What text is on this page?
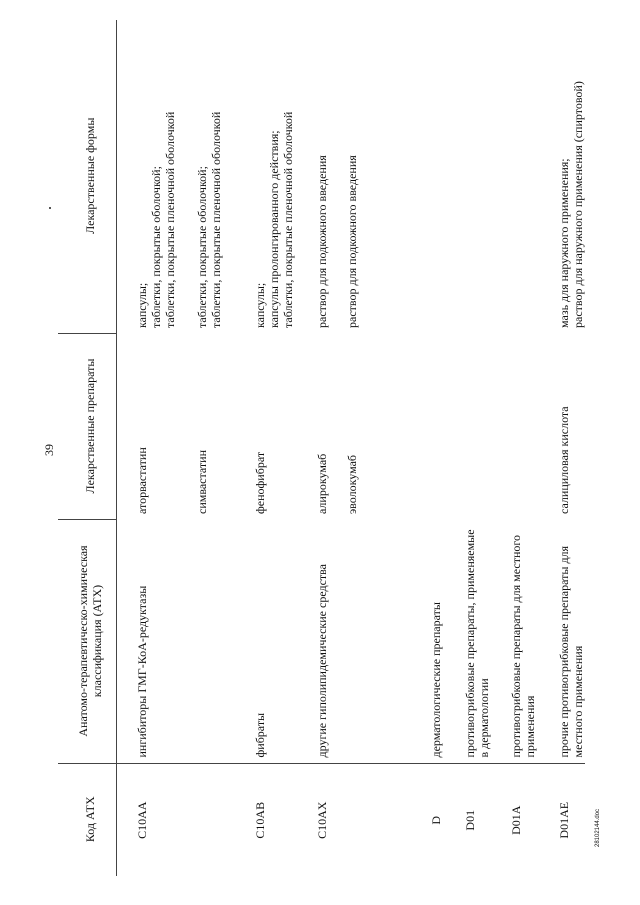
39
Код АТХ	Анатомо-терапевтическо-химическая классификация (АТХ)	Лекарственные препараты	Лекарственные формы
C10AA	ингибиторы ГМГ-КоА-редуктазы	аторвастатин	капсулы; таблетки, покрытые оболочкой; таблетки, покрытые пленочной оболочкой

		симвастатин	таблетки, покрытые оболочкой; таблетки, покрытые пленочной оболочкой

C10AB	фибраты	фенофибрат	капсулы; капсулы пролонгированного действия; таблетки, покрытые пленочной оболочкой

C10AX	другие гиполипидемические средства	алирокумаб	раствор для подкожного введения

		эволокумаб	раствор для подкожного введения

D	дерматологические препараты		
D01	противогрибковые препараты, применяемые в дерматологии		
D01A	противогрибковые препараты для местного применения		
D01AE	прочие противогрибковые препараты для местного применения	салициловая кислота	мазь для наружного применения; раствор для наружного применения (спиртовой)
28102144.doc
